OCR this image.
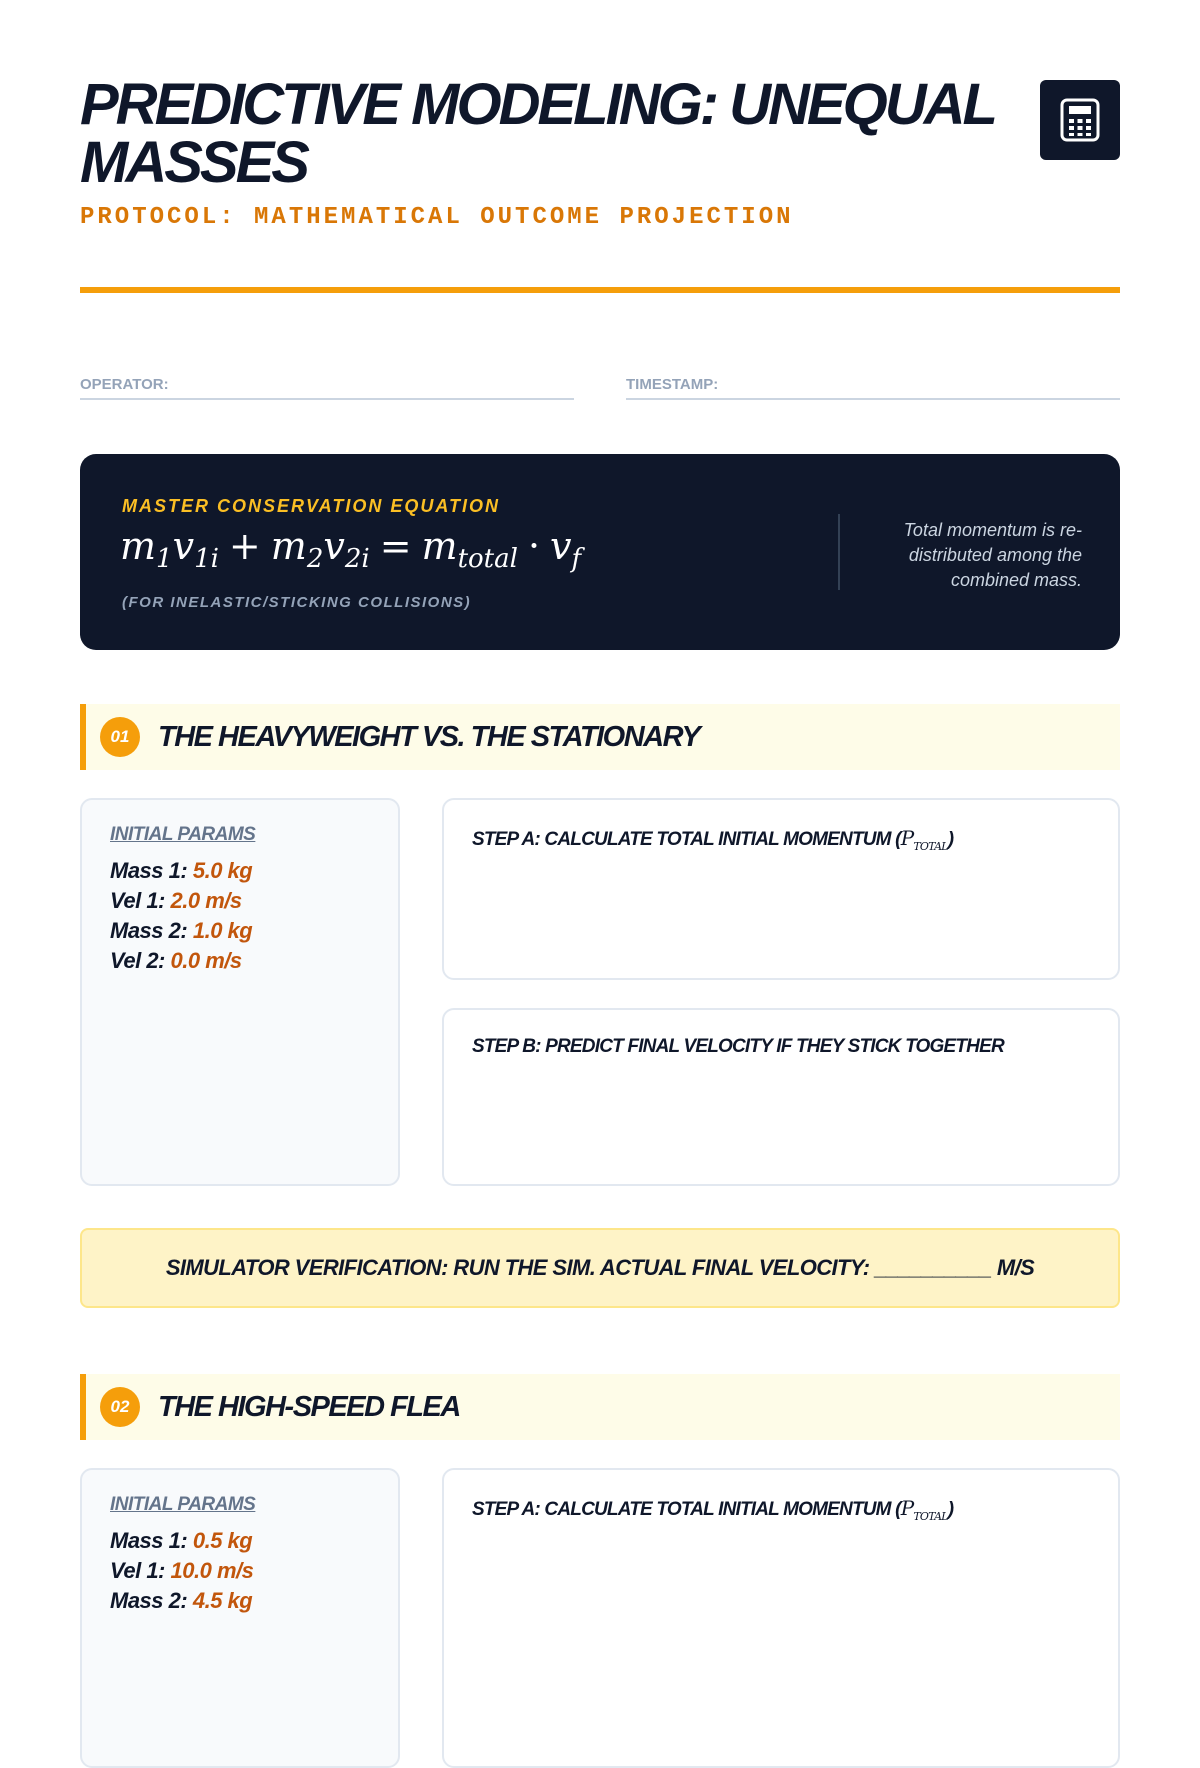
PREDICTIVE MODELING: UNEQUAL MASSES
PROTOCOL: MATHEMATICAL OUTCOME PROJECTION
OPERATOR:	TIMESTAMP:
MASTER CONSERVATION EQUATION
$m_1v_{1i} + m_2v_{2i} = m_{total} \cdot v_f$
(FOR INELASTIC/STICKING COLLISIONS)
Total momentum is re-distributed among the combined mass.
01 THE HEAVYWEIGHT VS. THE STATIONARY
INITIAL PARAMS
Mass 1: 5.0 kg
Vel 1: 2.0 m/s
Mass 2: 1.0 kg
Vel 2: 0.0 m/s
STEP A: CALCULATE TOTAL INITIAL MOMENTUM $(P_{TOTAL})$
STEP B: PREDICT FINAL VELOCITY IF THEY STICK TOGETHER
SIMULATOR VERIFICATION: RUN THE SIM. ACTUAL FINAL VELOCITY: __________ M/S
02 THE HIGH-SPEED FLEA
INITIAL PARAMS
Mass 1: 0.5 kg
Vel 1: 10.0 m/s
Mass 2: 4.5 kg
STEP A: CALCULATE TOTAL INITIAL MOMENTUM $(P_{TOTAL})$
